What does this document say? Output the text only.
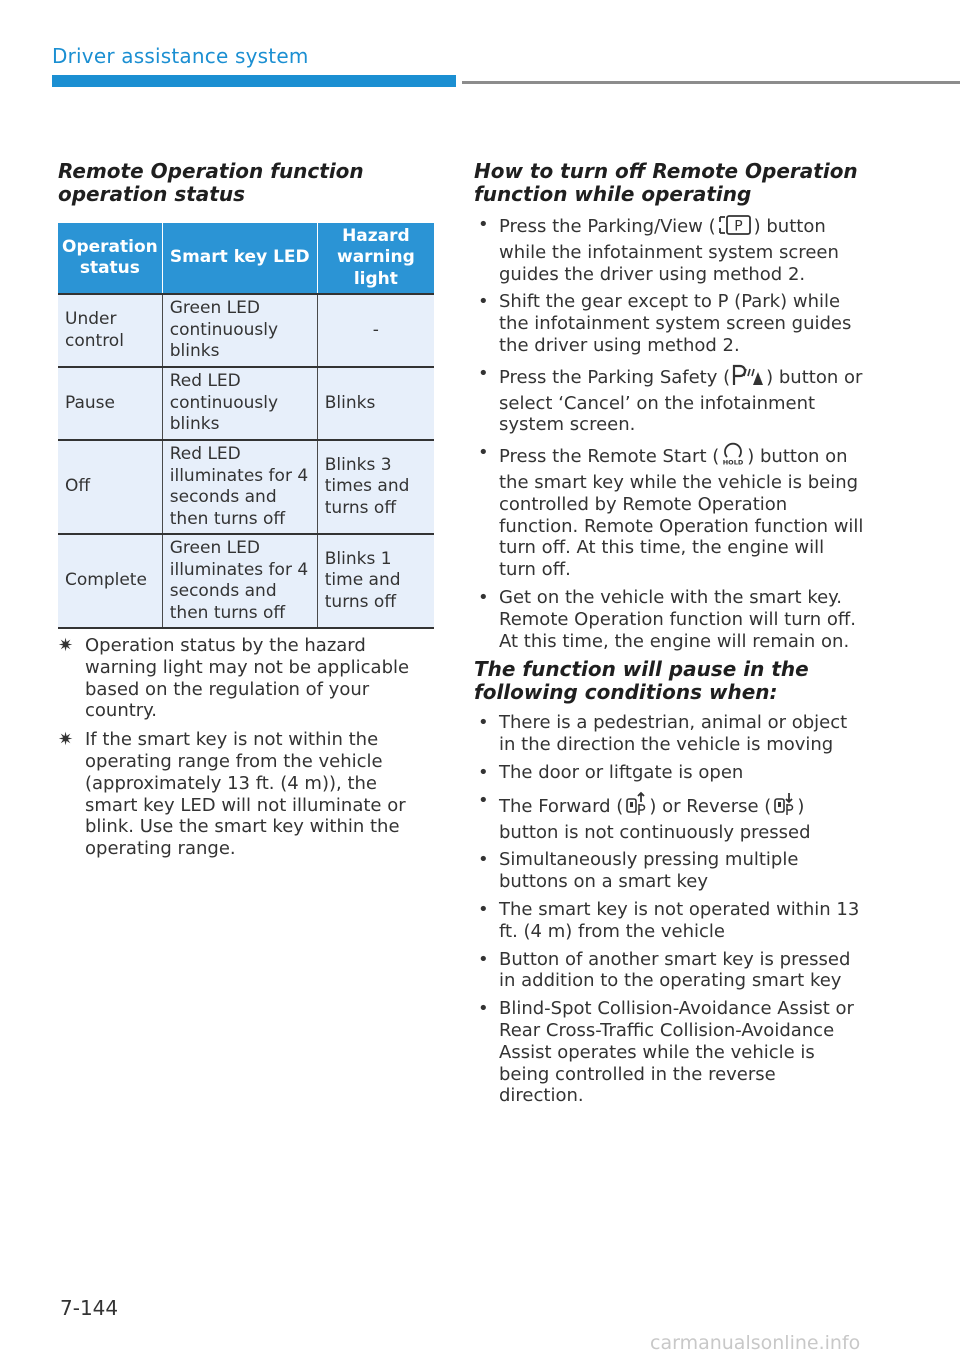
Driver assistance system
Remote Operation function operation status
Operation status	Smart key LED	Hazard warning light
Under control	Green LED continuously blinks	-
Pause	Red LED continuously blinks	Blinks
Off	Red LED illuminates for 4 seconds and then turns off	Blinks 3 times and turns off
Complete	Green LED illuminates for 4 seconds and then turns off	Blinks 1 time and turns off
✷ Operation status by the hazard warning light may not be applicable based on the regulation of your country.
✷ If the smart key is not within the operating range from the vehicle (approximately 13 ft. (4 m)), the smart key LED will not illuminate or blink. Use the smart key within the operating range.
How to turn off Remote Operation function while operating
• Press the Parking/View ( P ) button while the infotainment system screen guides the driver using method 2.
• Shift the gear except to P (Park) while the infotainment system screen guides the driver using method 2.
• Press the Parking Safety ( ) button or select ‘Cancel’ on the infotainment system screen.
• Press the Remote Start ( HOLD ) button on the smart key while the vehicle is being controlled by Remote Operation function. Remote Operation function will turn off. At this time, the engine will turn off.
• Get on the vehicle with the smart key. Remote Operation function will turn off. At this time, the engine will remain on.
The function will pause in the following conditions when:
• There is a pedestrian, animal or object in the direction the vehicle is moving
• The door or liftgate is open
• The Forward ( ) or Reverse ( ) button is not continuously pressed
• Simultaneously pressing multiple buttons on a smart key
• The smart key is not operated within 13 ft. (4 m) from the vehicle
• Button of another smart key is pressed in addition to the operating smart key
• Blind-Spot Collision-Avoidance Assist or Rear Cross-Traffic Collision-Avoidance Assist operates while the vehicle is being controlled in the reverse direction.
7-144
carmanualsonline.info
